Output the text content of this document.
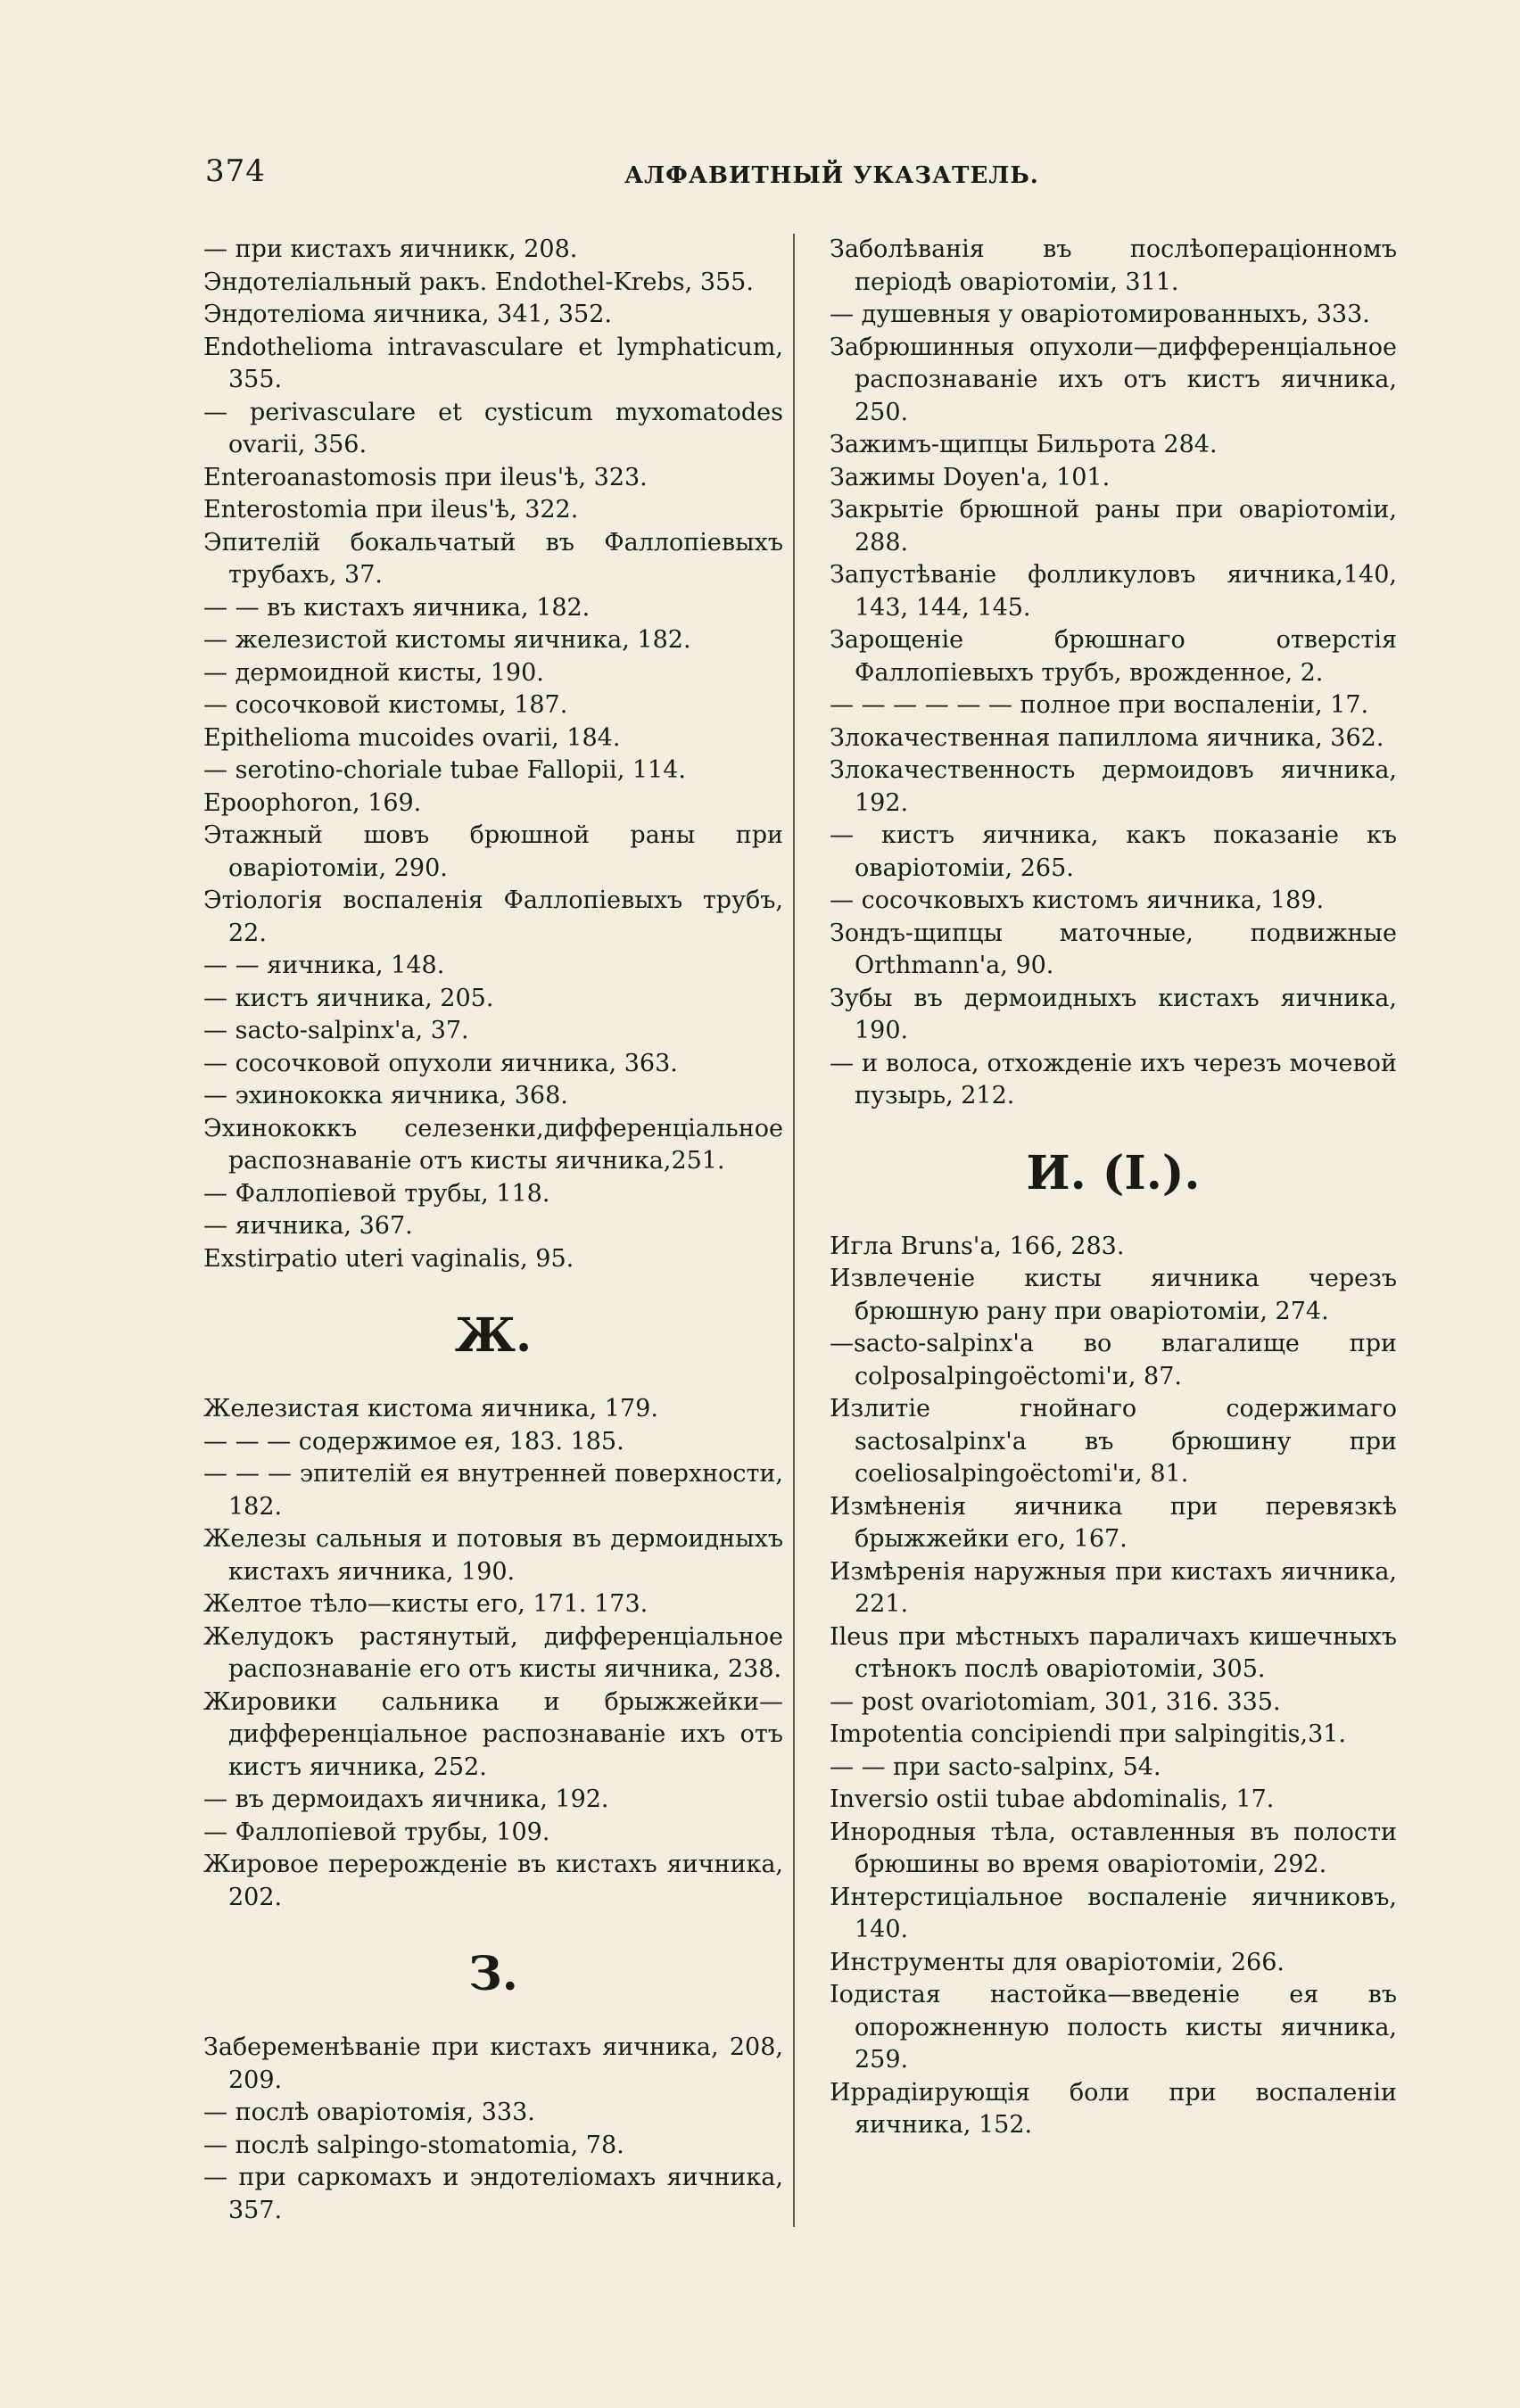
374	АЛФАВИТНЫЙ УКАЗАТЕЛЬ.
— при кистахъ яичникк, 208.
Эндотеліальный ракъ. Endothel-Krebs, 355.
Эндотеліома яичника, 341, 352.
Endothelioma intravasculare et lymphaticum, 355.
— perivasculare et cysticum myxomatodes ovarii, 356.
Enteroanastomosis при ileus'ѣ, 323.
Enterostomia при ileus'ѣ, 322.
Эпителій бокальчатый въ Фаллопіевыхъ трубахъ, 37.
— — въ кистахъ яичника, 182.
— железистой кистомы яичника, 182.
— дермоидной кисты, 190.
— сосочковой кистомы, 187.
Epithelioma mucoides ovarii, 184.
— serotino-choriale tubae Fallopii, 114.
Epoophoron, 169.
Этажный шовъ брюшной раны при оваріотоміи, 290.
Этіологія воспаленія Фаллопіевыхъ трубъ, 22.
— — яичника, 148.
— кистъ яичника, 205.
— sacto-salpinx'а, 37.
— сосочковой опухоли яичника, 363.
— эхинококка яичника, 368.
Эхинококкъ селезенки,дифференціальное распознаваніе отъ кисты яичника,251.
— Фаллопіевой трубы, 118.
— яичника, 367.
Exstirpatio uteri vaginalis, 95.
Ж.
Железистая кистома яичника, 179.
— — — содержимое ея, 183. 185.
— — — эпителій ея внутренней поверхности, 182.
Железы сальныя и потовыя въ дермоидныхъ кистахъ яичника, 190.
Желтое тѣло—кисты его, 171. 173.
Желудокъ растянутый, дифференціальное распознаваніе его отъ кисты яичника, 238.
Жировики сальника и брыжжейки—дифференціальное распознаваніе ихъ отъ кистъ яичника, 252.
— въ дермоидахъ яичника, 192.
— Фаллопіевой трубы, 109.
Жировое перерожденіе въ кистахъ яичника, 202.
З.
Забеременѣваніе при кистахъ яичника, 208, 209.
— послѣ оваріотомія, 333.
— послѣ salpingo-stomatomia, 78.
— при саркомахъ и эндотеліомахъ яичника, 357.
Заболѣванія въ послѣоперaціонномъ періодѣ оваріотоміи, 311.
— душевныя у оваріотомированныхъ, 333.
Забрюшинныя опухоли—дифференціальное распознаваніе ихъ отъ кистъ яичника, 250.
Зажимъ-щипцы Бильрота 284.
Зажимы Doyen'a, 101.
Закрытіе брюшной раны при оваріотоміи, 288.
Запустѣваніе фолликуловъ яичника,140, 143, 144, 145.
Зарощеніе брюшнаго отверстія Фаллопіевыхъ трубъ, врожденное, 2.
— — — — — — полное при воспаленіи, 17.
Злокачественная папиллома яичника, 362.
Злокачественность дермоидовъ яичника, 192.
— кистъ яичника, какъ показаніе къ оваріотоміи, 265.
— сосочковыхъ кистомъ яичника, 189.
Зондъ-щипцы маточные, подвижные Orthmann'a, 90.
Зубы въ дермоидныхъ кистахъ яичника, 190.
— и волоса, отхожденіе ихъ черезъ мочевой пузырь, 212.
И. (I.).
Игла Bruns'a, 166, 283.
Извлеченіе кисты яичника черезъ брюшную рану при оваріотоміи, 274.
—sacto-salpinx'а во влагалище при colposalpingoëctomi'и, 87.
Излитіе гнойнаго содержимаго sactosalpinx'а въ брюшину при coeliosalpingoëctomi'и, 81.
Измѣненія яичника при перевязкѣ брыжжейки его, 167.
Измѣренія наружныя при кистахъ яичника, 221.
Ileus при мѣстныхъ параличахъ кишечныхъ стѣнокъ послѣ оваріотоміи, 305.
— post ovariotomiam, 301, 316. 335.
Impotentia concipiendi при salpingitis,31.
— — при sacto-salpinx, 54.
Inversio ostii tubae abdominalis, 17.
Инородныя тѣла, оставленныя въ полости брюшины во время оваріотоміи, 292.
Интерстиціальное воспаленіе яичниковъ, 140.
Инструменты для оваріотоміи, 266.
Іодистая настойка—введеніе ея въ опорожненную полость кисты яичника, 259.
Иррадіирующія боли при воспаленіи яичника, 152.
